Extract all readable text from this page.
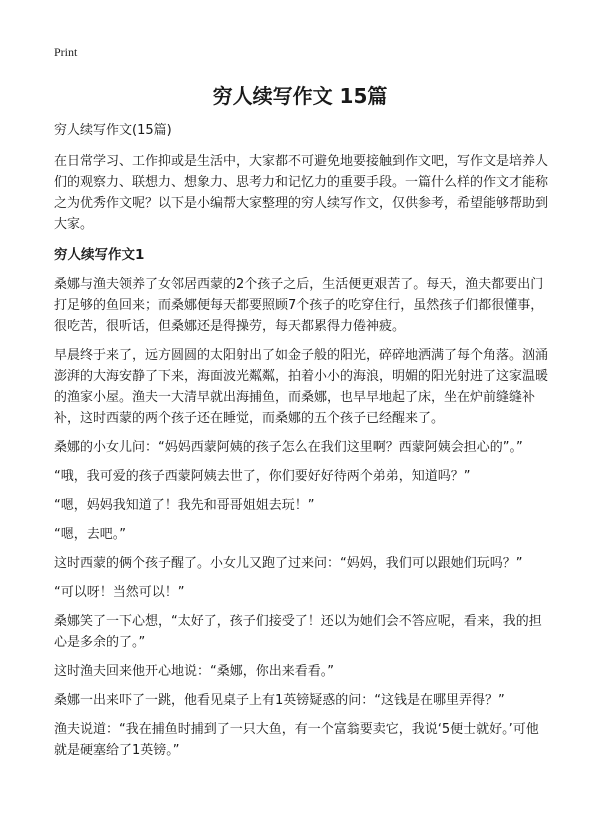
Print
穷人续写作文 15篇

穷人续写作文(15篇)

在日常学习、工作抑或是生活中，大家都不可避免地要接触到作文吧，写作文是培养人们的观察力、联想力、想象力、思考力和记忆力的重要手段。一篇什么样的作文才能称之为优秀作文呢？以下是小编帮大家整理的穷人续写作文，仅供参考，希望能够帮助到大家。

穷人续写作文1

桑娜与渔夫领养了女邻居西蒙的2个孩子之后，生活便更艰苦了。每天，渔夫都要出门打足够的鱼回来；而桑娜便每天都要照顾7个孩子的吃穿住行，虽然孩子们都很懂事，很吃苦，很听话，但桑娜还是得操劳，每天都累得力倦神疲。

早晨终于来了，远方圆圆的太阳射出了如金子般的阳光，碎碎地洒满了每个角落。汹涌澎湃的大海安静了下来，海面波光粼粼，拍着小小的海浪，明媚的阳光射进了这家温暖的渔家小屋。渔夫一大清早就出海捕鱼，而桑娜，也早早地起了床，坐在炉前缝缝补补，这时西蒙的两个孩子还在睡觉，而桑娜的五个孩子已经醒来了。

桑娜的小女儿问：“妈妈西蒙阿姨的孩子怎么在我们这里啊？西蒙阿姨会担心的”。”

“哦，我可爱的孩子西蒙阿姨去世了，你们要好好待两个弟弟，知道吗？”

“嗯，妈妈我知道了！我先和哥哥姐姐去玩！”

“嗯，去吧。”

这时西蒙的俩个孩子醒了。小女儿又跑了过来问：“妈妈，我们可以跟她们玩吗？”

“可以呀！当然可以！”

桑娜笑了一下心想，“太好了，孩子们接受了！还以为她们会不答应呢，看来，我的担心是多余的了。”

这时渔夫回来他开心地说：“桑娜，你出来看看。”

桑娜一出来吓了一跳，他看见桌子上有1英镑疑惑的问：“这钱是在哪里弄得？”

渔夫说道：“我在捕鱼时捕到了一只大鱼，有一个富翁要卖它，我说‘5便士就好。’可他就是硬塞给了1英镑。”
